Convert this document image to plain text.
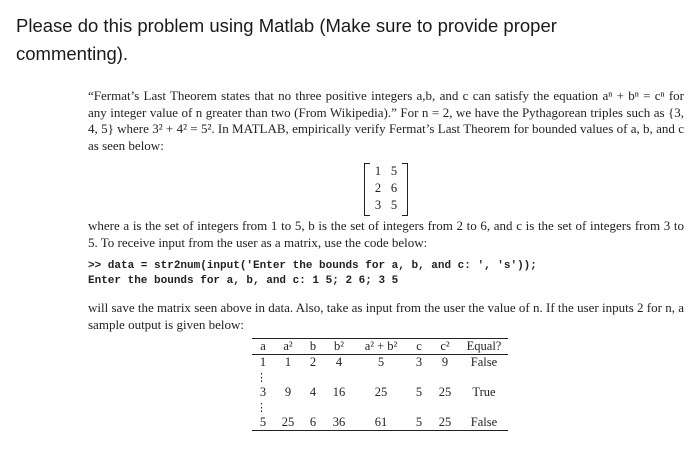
Please do this problem using Matlab (Make sure to provide proper
commenting).

“Fermat’s Last Theorem states that no three positive integers a,b, and c can satisfy the equation aⁿ + bⁿ = cⁿ for any integer value of n greater than two (From Wikipedia).” For n = 2, we have the Pythagorean triples such as {3, 4, 5} where 3² + 4² = 5². In MATLAB, empirically verify Fermat’s Last Theorem for bounded values of a, b, and c as seen below:

1 5
2 6
3 5

where a is the set of integers from 1 to 5, b is the set of integers from 2 to 6, and c is the set of integers from 3 to 5. To receive input from the user as a matrix, use the code below:

>> data = str2num(input('Enter the bounds for a, b, and c: ', 's'));
Enter the bounds for a, b, and c: 1 5; 2 6; 3 5

will save the matrix seen above in data. Also, take as input from the user the value of n. If the user inputs 2 for n, a sample output is given below:

a	a²	b	b²	a² + b²	c	c²	Equal?
1	1	2	4	5	3	9	False
⋮							
3	9	4	16	25	5	25	True
⋮							
5	25	6	36	61	5	25	False
